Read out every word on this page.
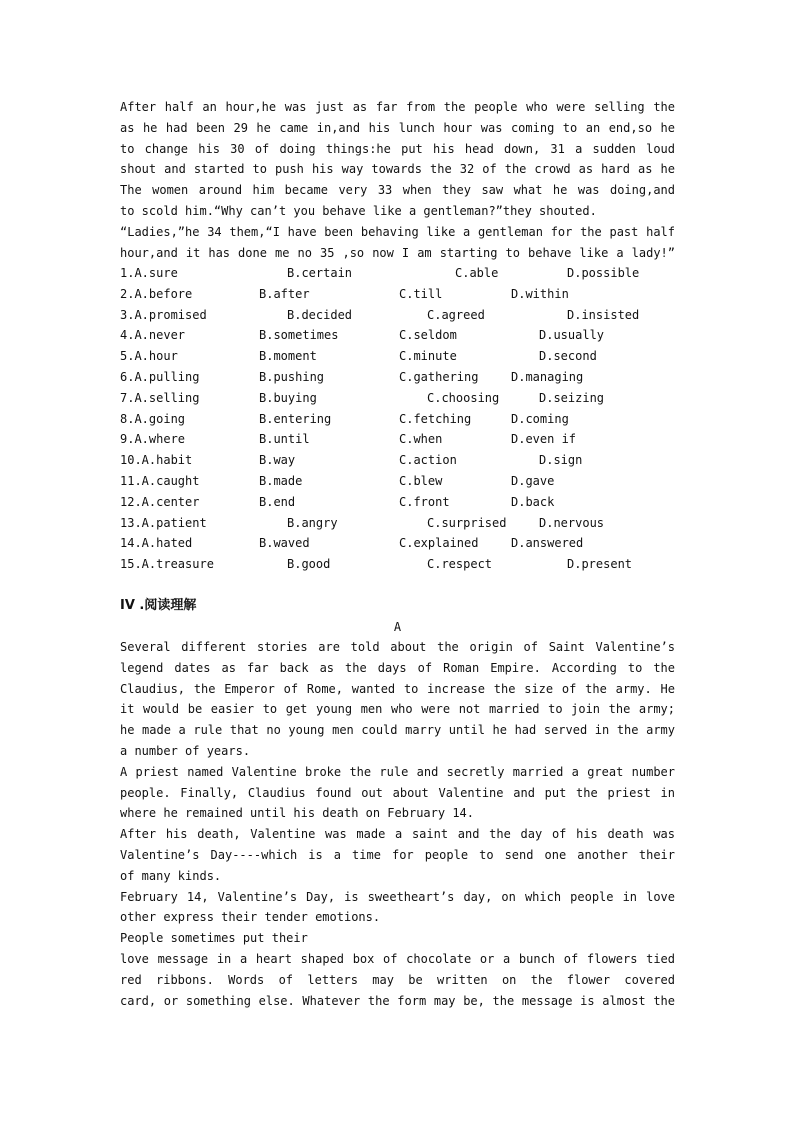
After half an hour,he was just as far from the people who were selling the
as he had been 29 he came in,and his lunch hour was coming to an end,so he
to change his 30 of doing things:he put his head down, 31 a sudden loud
shout and started to push his way towards the 32 of the crowd as hard as he
The women around him became very 33 when they saw what he was doing,and
to scold him.“Why can’t you behave like a gentleman?”they shouted.
“Ladies,”he 34 them,“I have been behaving like a gentleman for the past half
hour,and it has done me no 35 ,so now I am starting to behave like a lady!”
1.A.sure	B.certain	C.able	D.possible
2.A.before	B.after	C.till	D.within
3.A.promised	B.decided	C.agreed	D.insisted
4.A.never	B.sometimes	C.seldom	D.usually
5.A.hour	B.moment	C.minute	D.second
6.A.pulling	B.pushing	C.gathering	D.managing
7.A.selling	B.buying	C.choosing	D.seizing
8.A.going	B.entering	C.fetching	D.coming
9.A.where	B.until	C.when	D.even if
10.A.habit	B.way	C.action	D.sign
11.A.caught	B.made	C.blew	D.gave
12.A.center	B.end	C.front	D.back
13.A.patient	B.angry	C.surprised	D.nervous
14.A.hated	B.waved	C.explained	D.answered
15.A.treasure	B.good	C.respect	D.present
IV .阅读理解
A
Several different stories are told about the origin of Saint Valentine’s
legend dates as far back as the days of Roman Empire. According to the
Claudius, the Emperor of Rome, wanted to increase the size of the army. He
it would be easier to get young men who were not married to join the army;
he made a rule that no young men could marry until he had served in the army
a number of years.
A priest named Valentine broke the rule and secretly married a great number
people. Finally, Claudius found out about Valentine and put the priest in
where he remained until his death on February 14.
After his death, Valentine was made a saint and the day of his death was
Valentine’s Day----which is a time for people to send one another their
of many kinds.
February 14, Valentine’s Day, is sweetheart’s day, on which people in love
other express their tender emotions.
People sometimes put their
love message in a heart shaped box of chocolate or a bunch of flowers tied
red ribbons. Words of letters may be written on the flower covered
card, or something else. Whatever the form may be, the message is almost the
